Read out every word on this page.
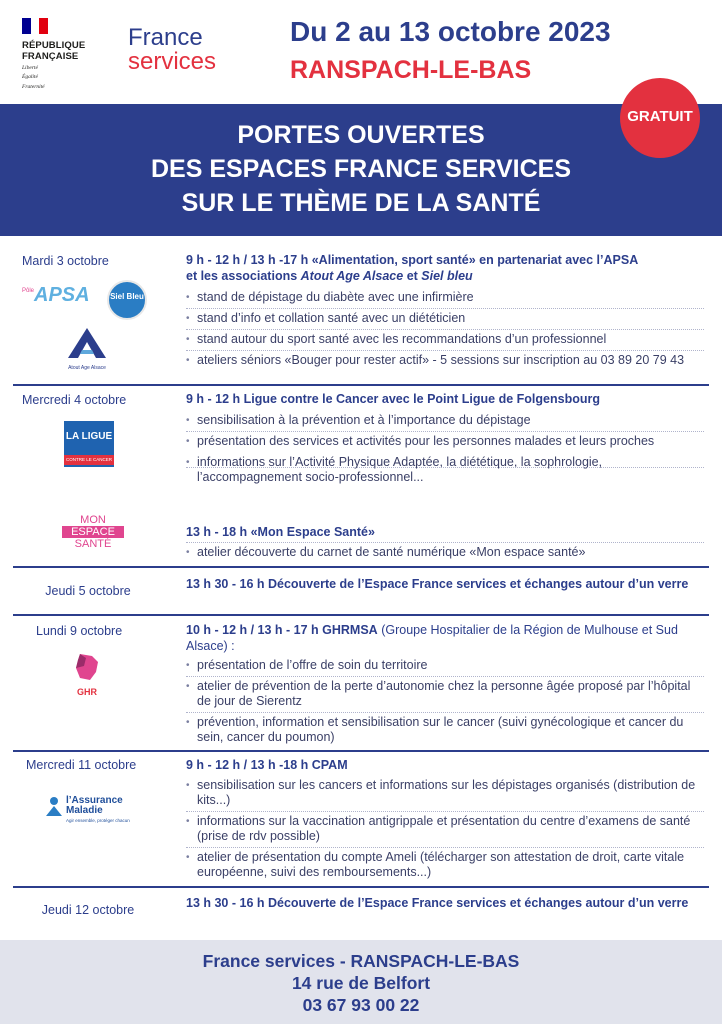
RÉPUBLIQUE
FRANÇAISE
Liberté
Égalité
Fraternité
France
services
Du 2 au 13 octobre 2023
RANSPACH-LE-BAS
PORTES OUVERTES
DES ESPACES FRANCE SERVICES
SUR LE THÈME DE LA SANTÉ
GRATUIT
Mardi 3 octobre	9 h - 12 h / 13 h -17 h «Alimentation, sport santé» en partenariat avec l’APSA
et les associations Atout Age Alsace et Siel bleu
• stand de dépistage du diabète avec une infirmière
• stand d’info et collation santé avec un diététicien
• stand autour du sport santé avec les recommandations d’un professionnel
• ateliers séniors «Bouger pour rester actif» - 5 sessions sur inscription au 03 89 20 79 43
Pôle APSA	Siel Bleu
Atout Age Alsace
Mercredi 4 octobre	9 h - 12 h Ligue contre le Cancer avec le Point Ligue de Folgensbourg
• sensibilisation à la prévention et à l’importance du dépistage
• présentation des services et activités pour les personnes malades et leurs proches
• informations sur l’Activité Physique Adaptée, la diététique, la sophrologie, l’accompagnement socio-professionnel...
LA LIGUE
CONTRE LE CANCER
13 h - 18 h «Mon Espace Santé»
• atelier découverte du carnet de santé numérique «Mon espace santé»
MON
ESPACE
SANTÉ
Jeudi 5 octobre	13 h 30 - 16 h Découverte de l’Espace France services et échanges autour d’un verre
Lundi 9 octobre	10 h - 12 h / 13 h - 17 h GHRMSA (Groupe Hospitalier de la Région de Mulhouse et Sud Alsace) :
• présentation de l’offre de soin du territoire
• atelier de prévention de la perte d’autonomie chez la personne âgée proposé par l’hôpital de jour de Sierentz
• prévention, information et sensibilisation sur le cancer (suivi gynécologique et cancer du sein, cancer du poumon)
GHR
Mercredi 11 octobre	9 h - 12 h / 13 h -18 h CPAM
• sensibilisation sur les cancers et informations sur les dépistages organisés (distribution de kits...)
• informations sur la vaccination antigrippale et présentation du centre d’examens de santé (prise de rdv possible)
• atelier de présentation du compte Ameli (télécharger son attestation de droit, carte vitale européenne, suivi des remboursements...)
l’Assurance
Maladie
Agir ensemble, protéger chacun
Jeudi 12 octobre	13 h 30 - 16 h Découverte de l’Espace France services et échanges autour d’un verre
France services - RANSPACH-LE-BAS
14 rue de Belfort
03 67 93 00 22
